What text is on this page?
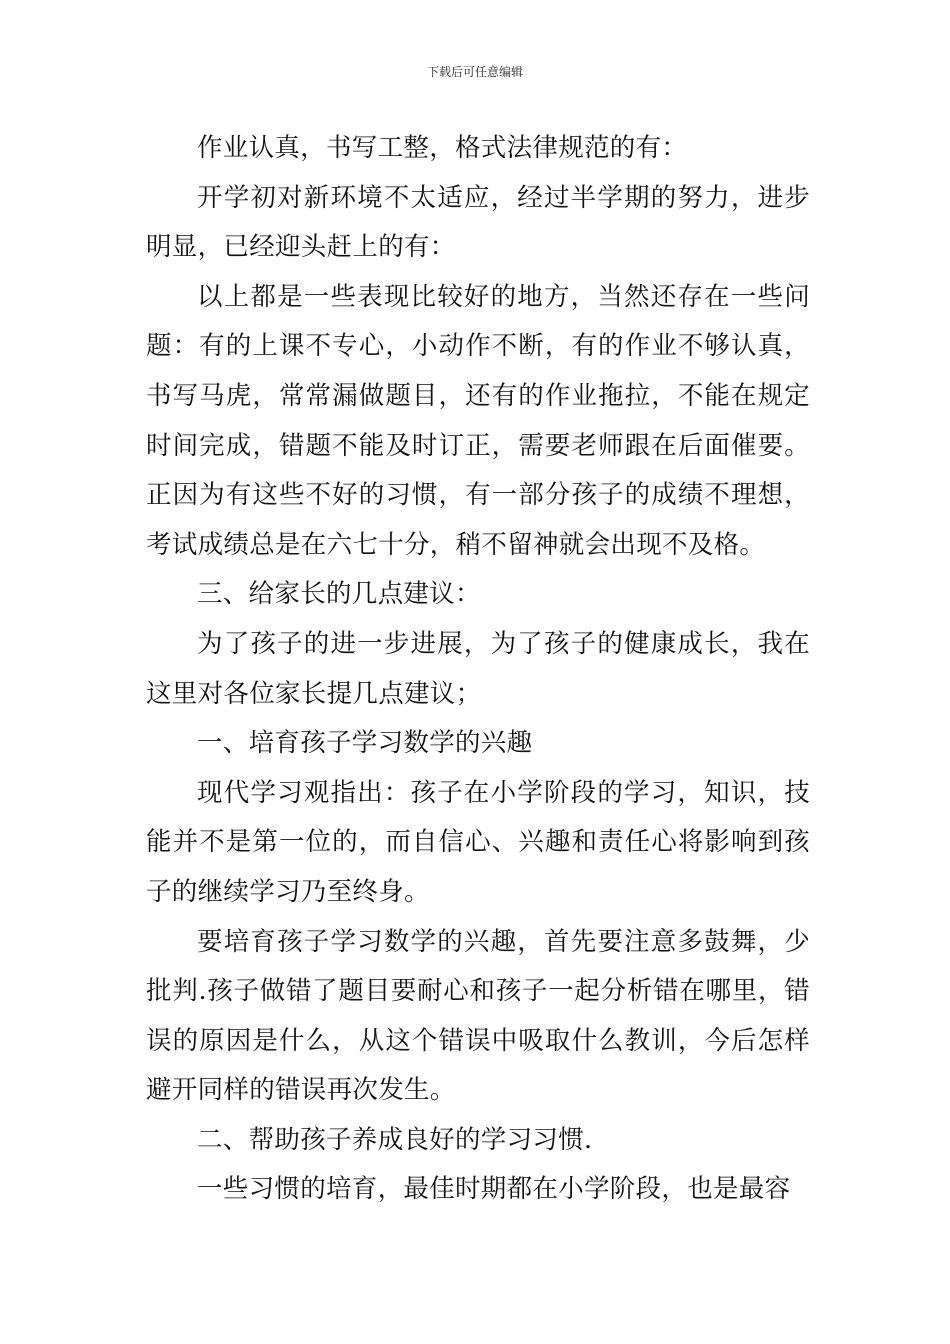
下载后可任意编辑

作业认真，书写工整，格式法律规范的有：

开学初对新环境不太适应，经过半学期的努力，进步明显，已经迎头赶上的有：

以上都是一些表现比较好的地方，当然还存在一些问题：有的上课不专心，小动作不断，有的作业不够认真，书写马虎，常常漏做题目，还有的作业拖拉，不能在规定时间完成，错题不能及时订正，需要老师跟在后面催要。正因为有这些不好的习惯，有一部分孩子的成绩不理想，考试成绩总是在六七十分，稍不留神就会出现不及格。

三、给家长的几点建议：

为了孩子的进一步进展，为了孩子的健康成长，我在这里对各位家长提几点建议；

一、培育孩子学习数学的兴趣

现代学习观指出：孩子在小学阶段的学习，知识，技能并不是第一位的，而自信心、兴趣和责任心将影响到孩子的继续学习乃至终身。

要培育孩子学习数学的兴趣，首先要注意多鼓舞，少批判.孩子做错了题目要耐心和孩子一起分析错在哪里，错误的原因是什么，从这个错误中吸取什么教训，今后怎样避开同样的错误再次发生。

二、帮助孩子养成良好的学习习惯.

一些习惯的培育，最佳时期都在小学阶段，也是最容
